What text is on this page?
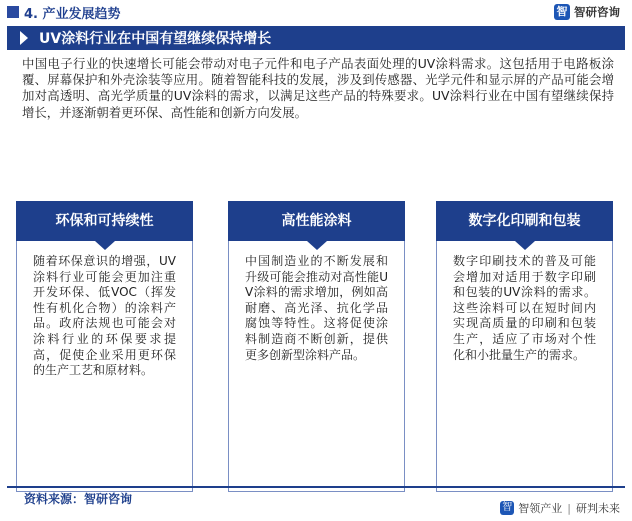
4. 产业发展趋势	智 智研咨询
UV涂料行业在中国有望继续保持增长
中国电子行业的快速增长可能会带动对电子元件和电子产品表面处理的UV涂料需求。这包括用于电路板涂覆、屏幕保护和外壳涂装等应用。随着智能科技的发展，涉及到传感器、光学元件和显示屏的产品可能会增加对高透明、高光学质量的UV涂料的需求，以满足这些产品的特殊要求。UV涂料行业在中国有望继续保持增长，并逐渐朝着更环保、高性能和创新方向发展。
环保和可持续性
随着环保意识的增强，UV涂料行业可能会更加注重开发环保、低VOC（挥发性有机化合物）的涂料产品。政府法规也可能会对涂料行业的环保要求提高，促使企业采用更环保的生产工艺和原材料。
高性能涂料
中国制造业的不断发展和升级可能会推动对高性能UV涂料的需求增加，例如高耐磨、高光泽、抗化学品腐蚀等特性。这将促使涂料制造商不断创新，提供更多创新型涂料产品。
数字化印刷和包装
数字印刷技术的普及可能会增加对适用于数字印刷和包装的UV涂料的需求。这些涂料可以在短时间内实现高质量的印刷和包装生产，适应了市场对个性化和小批量生产的需求。
资料来源：智研咨询
智 智领产业 | 研判未来
